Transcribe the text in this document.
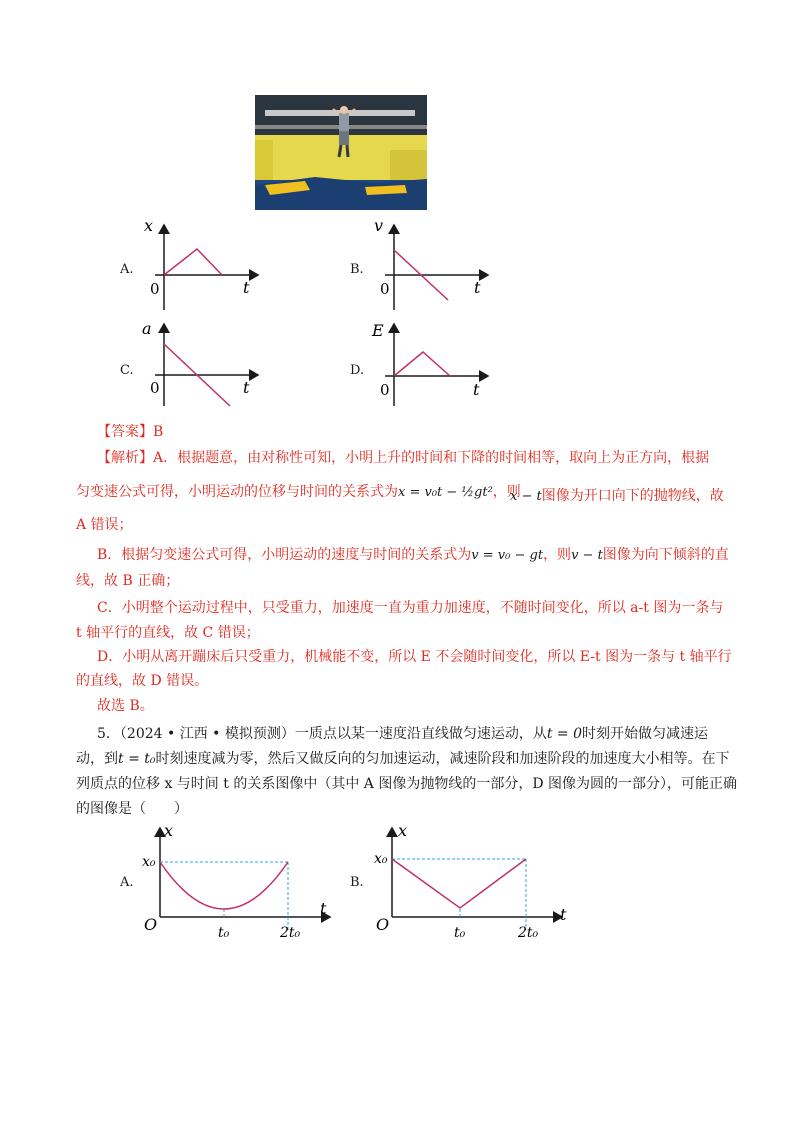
A.	B.
C.	D.
x
t
0
v
t
0
a
t
0
E
t
0
【答案】B
【解析】A．根据题意，由对称性可知，小明上升的时间和下降的时间相等，取向上为正方向，根据
匀变速公式可得，小明运动的位移与时间的关系式为x = v₀t − ½gt²，则
x − t图像为开口向下的抛物线，故
A 错误；
B．根据匀变速公式可得，小明运动的速度与时间的关系式为v = v₀ − gt，则v − t图像为向下倾斜的直
线，故 B 正确；
C．小明整个运动过程中，只受重力，加速度一直为重力加速度，不随时间变化，所以 a-t 图为一条与
t 轴平行的直线，故 C 错误；
D．小明从离开蹦床后只受重力，机械能不变，所以 E 不会随时间变化，所以 E-t 图为一条与 t 轴平行
的直线，故 D 错误。
故选 B。
5．（2024 • 江西 • 模拟预测）一质点以某一速度沿直线做匀速运动，从t = 0时刻开始做匀减速运
动，到t = t₀时刻速度减为零，然后又做反向的匀加速运动，减速阶段和加速阶段的加速度大小相等。在下
列质点的位移 x 与时间 t 的关系图像中（其中 A 图像为抛物线的一部分，D 图像为圆的一部分），可能正确
的图像是（　　）
A.	B.
x
t
x₀
O	t₀	2t₀
x
t
x₀
O	t₀	2t₀
